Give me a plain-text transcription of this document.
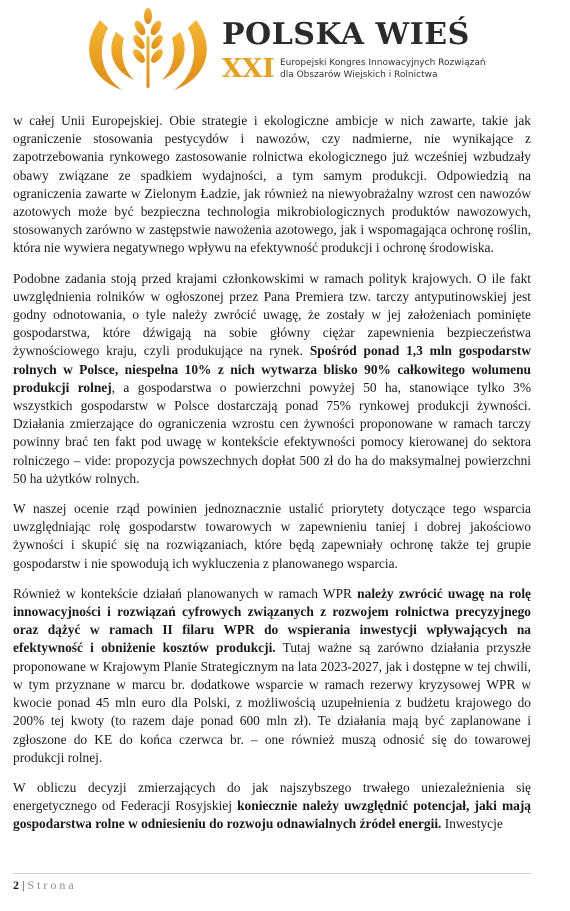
POLSKA WIEŚ
XXI Europejski Kongres Innowacyjnych Rozwiązań
dla Obszarów Wiejskich i Rolnictwa

w całej Unii Europejskiej. Obie strategie i ekologiczne ambicje w nich zawarte, takie jak ograniczenie stosowania pestycydów i nawozów, czy nadmierne, nie wynikające z zapotrzebowania rynkowego zastosowanie rolnictwa ekologicznego już wcześniej wzbudzały obawy związane ze spadkiem wydajności, a tym samym produkcji. Odpowiedzią na ograniczenia zawarte w Zielonym Ładzie, jak również na niewyobrażalny wzrost cen nawozów azotowych może być bezpieczna technologia mikrobiologicznych produktów nawozowych, stosowanych zarówno w zastępstwie nawożenia azotowego, jak i wspomagająca ochronę roślin, która nie wywiera negatywnego wpływu na efektywność produkcji i ochronę środowiska.

Podobne zadania stoją przed krajami członkowskimi w ramach polityk krajowych. O ile fakt uwzględnienia rolników w ogłoszonej przez Pana Premiera tzw. tarczy antyputinowskiej jest godny odnotowania, o tyle należy zwrócić uwagę, że zostały w jej założeniach pominięte gospodarstwa, które dźwigają na sobie główny ciężar zapewnienia bezpieczeństwa żywnościowego kraju, czyli produkujące na rynek. Spośród ponad 1,3 mln gospodarstw rolnych w Polsce, niespełna 10% z nich wytwarza blisko 90% całkowitego wolumenu produkcji rolnej, a gospodarstwa o powierzchni powyżej 50 ha, stanowiące tylko 3% wszystkich gospodarstw w Polsce dostarczają ponad 75% rynkowej produkcji żywności. Działania zmierzające do ograniczenia wzrostu cen żywności proponowane w ramach tarczy powinny brać ten fakt pod uwagę w kontekście efektywności pomocy kierowanej do sektora rolniczego – vide: propozycja powszechnych dopłat 500 zł do ha do maksymalnej powierzchni 50 ha użytków rolnych.

W naszej ocenie rząd powinien jednoznacznie ustalić priorytety dotyczące tego wsparcia uwzględniając rolę gospodarstw towarowych w zapewnieniu taniej i dobrej jakościowo żywności i skupić się na rozwiązaniach, które będą zapewniały ochronę także tej grupie gospodarstw i nie spowodują ich wykluczenia z planowanego wsparcia.

Również w kontekście działań planowanych w ramach WPR należy zwrócić uwagę na rolę innowacyjności i rozwiązań cyfrowych związanych z rozwojem rolnictwa precyzyjnego oraz dążyć w ramach II filaru WPR do wspierania inwestycji wpływających na efektywność i obniżenie kosztów produkcji. Tutaj ważne są zarówno działania przyszłe proponowane w Krajowym Planie Strategicznym na lata 2023-2027, jak i dostępne w tej chwili, w tym przyznane w marcu br. dodatkowe wsparcie w ramach rezerwy kryzysowej WPR w kwocie ponad 45 mln euro dla Polski, z możliwością uzupełnienia z budżetu krajowego do 200% tej kwoty (to razem daje ponad 600 mln zł). Te działania mają być zaplanowane i zgłoszone do KE do końca czerwca br. – one również muszą odnosić się do towarowej produkcji rolnej.

W obliczu decyzji zmierzających do jak najszybszego trwałego uniezależnienia się energetycznego od Federacji Rosyjskiej koniecznie należy uwzględnić potencjał, jaki mają gospodarstwa rolne w odniesieniu do rozwoju odnawialnych źródeł energii. Inwestycje

2 | Strona
